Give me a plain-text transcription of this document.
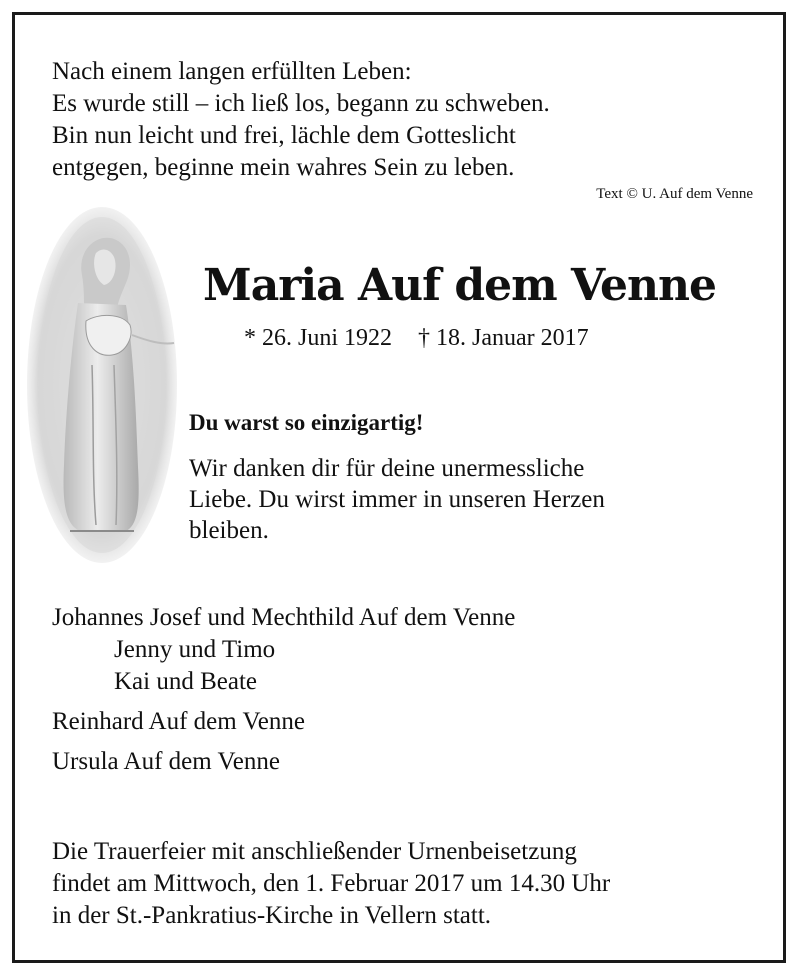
Nach einem langen erfüllten Leben:
Es wurde still – ich ließ los, begann zu schweben.
Bin nun leicht und frei, lächle dem Gotteslicht
entgegen, beginne mein wahres Sein zu leben.
Text © U. Auf dem Venne
Maria Auf dem Venne
* 26. Juni 1922 † 18. Januar 2017
Du warst so einzigartig!
Wir danken dir für deine unermessliche
Liebe. Du wirst immer in unseren Herzen
bleiben.
Johannes Josef und Mechthild Auf dem Venne
Jenny und Timo
Kai und Beate
Reinhard Auf dem Venne
Ursula Auf dem Venne
Die Trauerfeier mit anschließender Urnenbeisetzung
findet am Mittwoch, den 1. Februar 2017 um 14.30 Uhr
in der St.-Pankratius-Kirche in Vellern statt.
